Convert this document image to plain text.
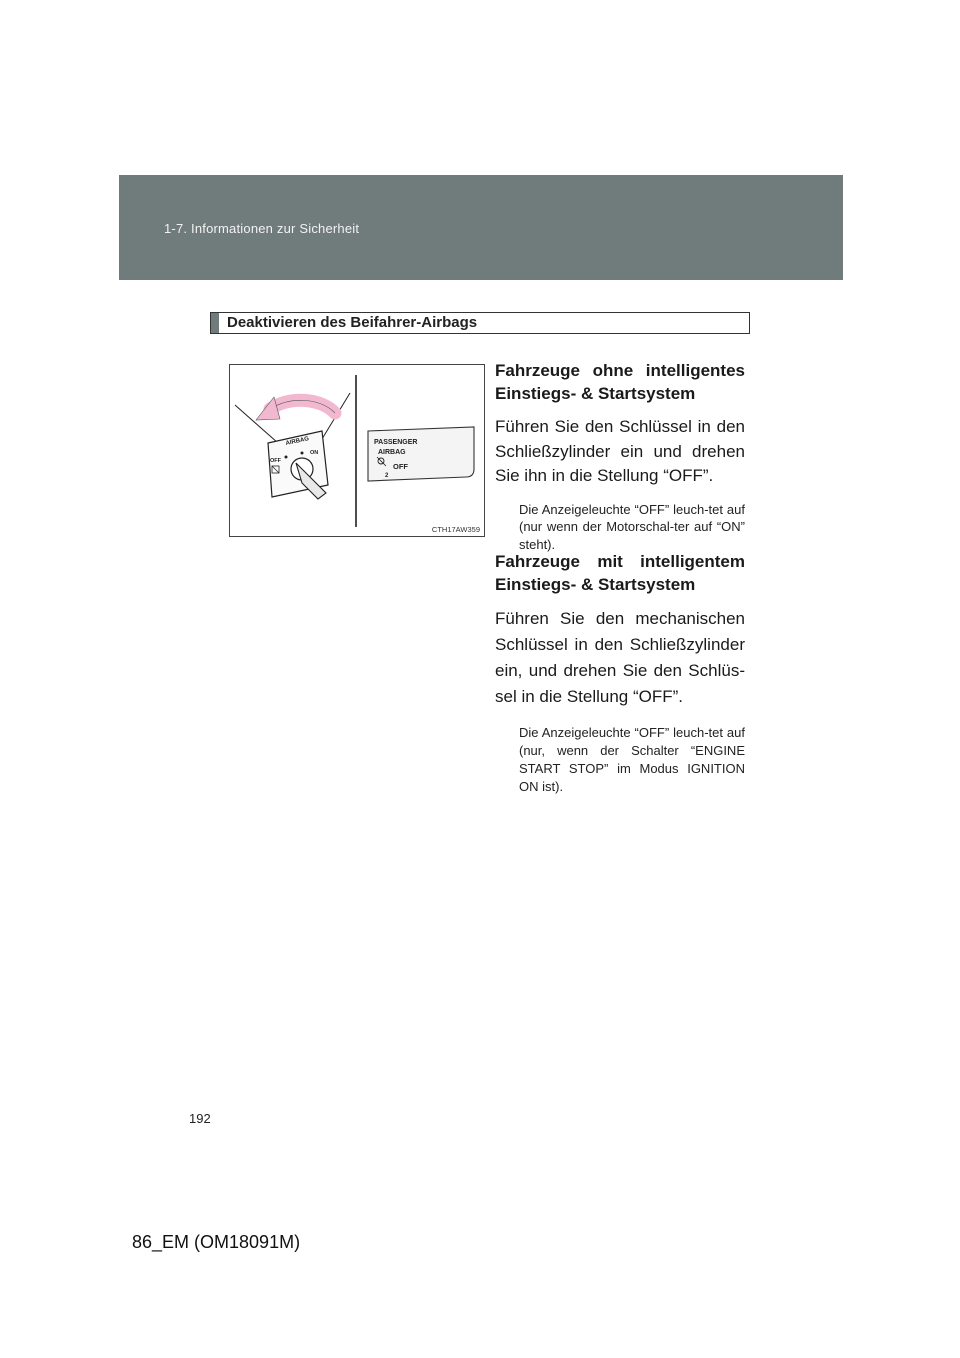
1-7. Informationen zur Sicherheit
Deaktivieren des Beifahrer-Airbags
AIRBAG
OFF
ON
PASSENGER
AIRBAG
OFF
2
CTH17AW359
Fahrzeuge ohne intelligentes
Einstiegs- & Startsystem
Führen Sie den Schlüssel in den Schließzylinder ein und drehen Sie ihn in die Stellung “OFF”.
Die Anzeigeleuchte “OFF” leuch-tet auf (nur wenn der Motorschal-ter auf “ON” steht).
Fahrzeuge mit intelligentem
Einstiegs- & Startsystem
Führen Sie den mechanischen Schlüssel in den Schließzylinder ein, und drehen Sie den Schlüs-sel in die Stellung “OFF”.
Die Anzeigeleuchte “OFF” leuch-tet auf (nur, wenn der Schalter “ENGINE START STOP” im Modus IGNITION ON ist).
192
86_EM (OM18091M)
